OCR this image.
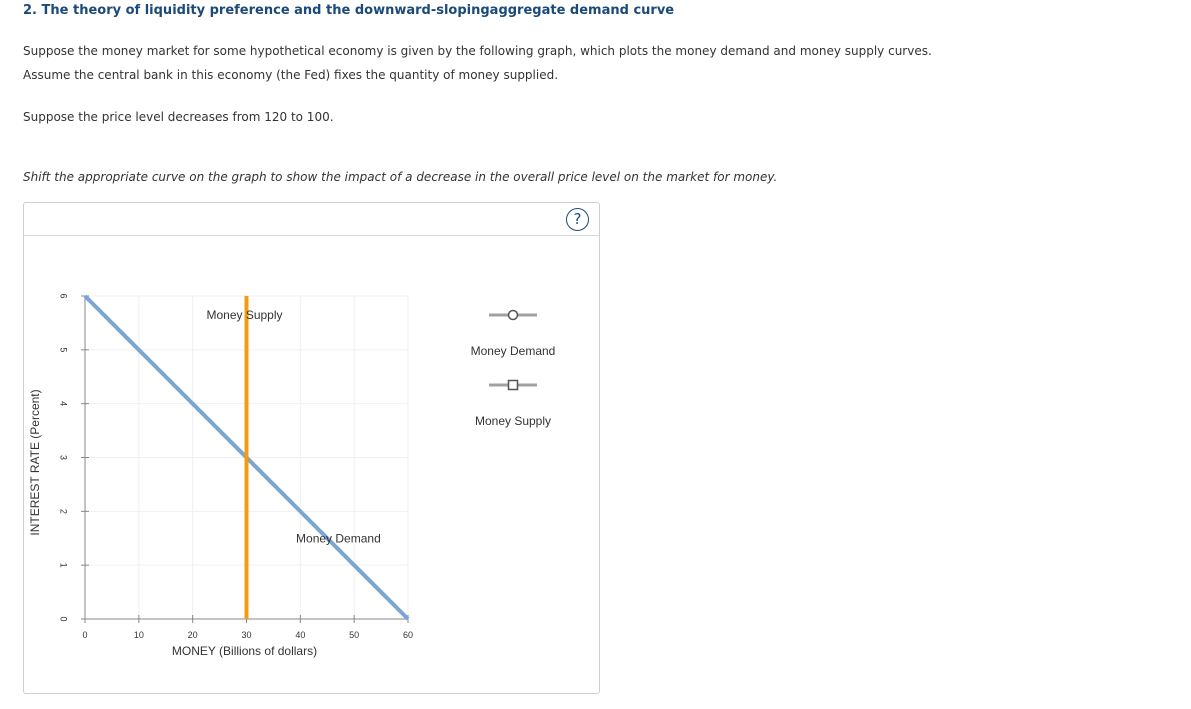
2. The theory of liquidity preference and the downward-slopingaggregate demand curve
Suppose the money market for some hypothetical economy is given by the following graph, which plots the money demand and money supply curves.
Assume the central bank in this economy (the Fed) fixes the quantity of money supplied.
Suppose the price level decreases from 120 to 100.
Shift the appropriate curve on the graph to show the impact of a decrease in the overall price level on the market for money.
?
0	10	20	30	40	50	60
0
1
2
3
4
5
6
MONEY (Billions of dollars)
INTEREST RATE (Percent)
Money Supply
Money Demand
Money Demand
Money Supply
